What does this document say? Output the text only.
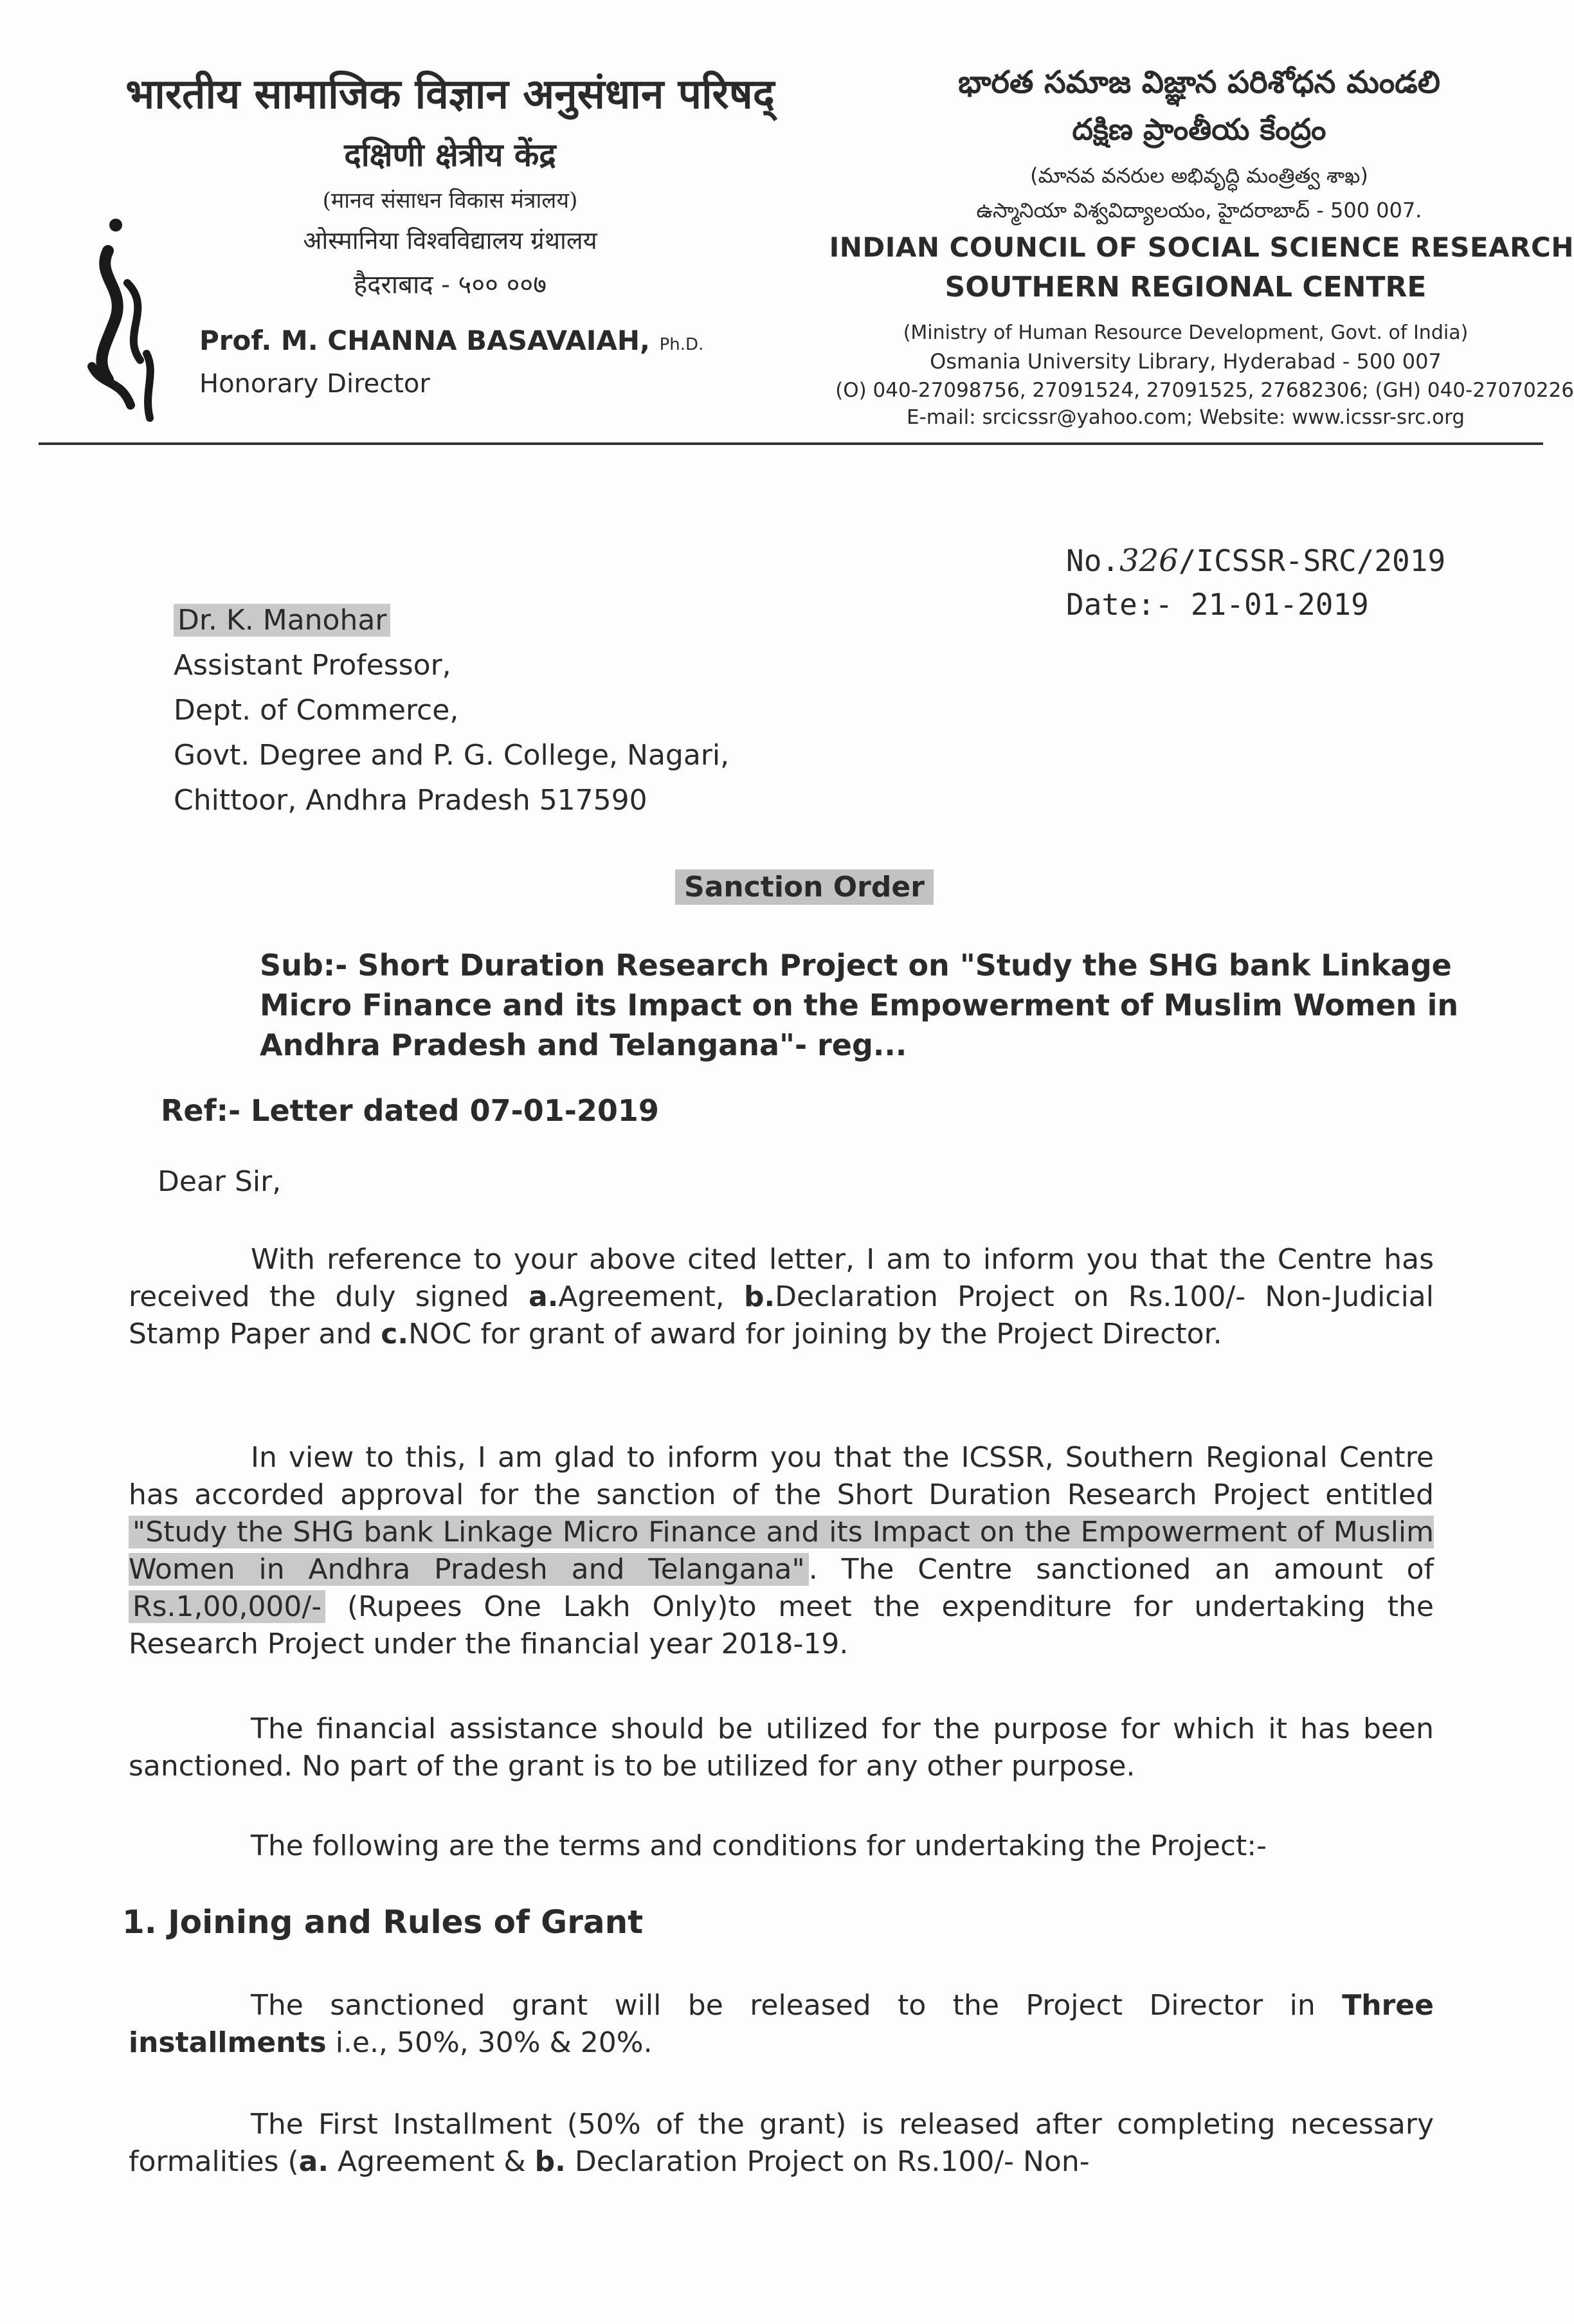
भारतीय सामाजिक विज्ञान अनुसंधान परिषद्
दक्षिणी क्षेत्रीय केंद्र
(मानव संसाधन विकास मंत्रालय)
ओस्मानिया विश्वविद्यालय ग्रंथालय
हैदराबाद - ५०० ००७
Prof. M. CHANNA BASAVAIAH, Ph.D.
Honorary Director
భారత సమాజ విజ్ఞాన పరిశోధన మండలి
దక్షిణ ప్రాంతీయ కేంద్రం
(మానవ వనరుల అభివృద్ధి మంత్రిత్వ శాఖ)
ఉస్మానియా విశ్వవిద్యాలయం, హైదరాబాద్ - 500 007.
INDIAN COUNCIL OF SOCIAL SCIENCE RESEARCH
SOUTHERN REGIONAL CENTRE
(Ministry of Human Resource Development, Govt. of India)
Osmania University Library, Hyderabad - 500 007
(O) 040-27098756, 27091524, 27091525, 27682306; (GH) 040-27070226
E-mail: srcicssr@yahoo.com; Website: www.icssr-src.org
No.326/ICSSR-SRC/2019
Date:- 21-01-2019
Dr. K. Manohar
Assistant Professor,
Dept. of Commerce,
Govt. Degree and P. G. College, Nagari,
Chittoor, Andhra Pradesh 517590
Sanction Order
Sub:- Short Duration Research Project on "Study the SHG bank Linkage Micro Finance and its Impact on the Empowerment of Muslim Women in Andhra Pradesh and Telangana"- reg...
Ref:- Letter dated 07-01-2019
Dear Sir,
With reference to your above cited letter, I am to inform you that the Centre has received the duly signed a.Agreement, b.Declaration Project on Rs.100/- Non-Judicial Stamp Paper and c.NOC for grant of award for joining by the Project Director.
In view to this, I am glad to inform you that the ICSSR, Southern Regional Centre has accorded approval for the sanction of the Short Duration Research Project entitled "Study the SHG bank Linkage Micro Finance and its Impact on the Empowerment of Muslim Women in Andhra Pradesh and Telangana" . The Centre sanctioned an amount of Rs.1,00,000/- (Rupees One Lakh Only)to meet the expenditure for undertaking the Research Project under the financial year 2018-19.
The financial assistance should be utilized for the purpose for which it has been sanctioned. No part of the grant is to be utilized for any other purpose.
The following are the terms and conditions for undertaking the Project:-
1. Joining and Rules of Grant
The sanctioned grant will be released to the Project Director in Three installments i.e., 50%, 30% & 20%.
The First Installment (50% of the grant) is released after completing necessary formalities (a. Agreement & b. Declaration Project on Rs.100/- Non-
